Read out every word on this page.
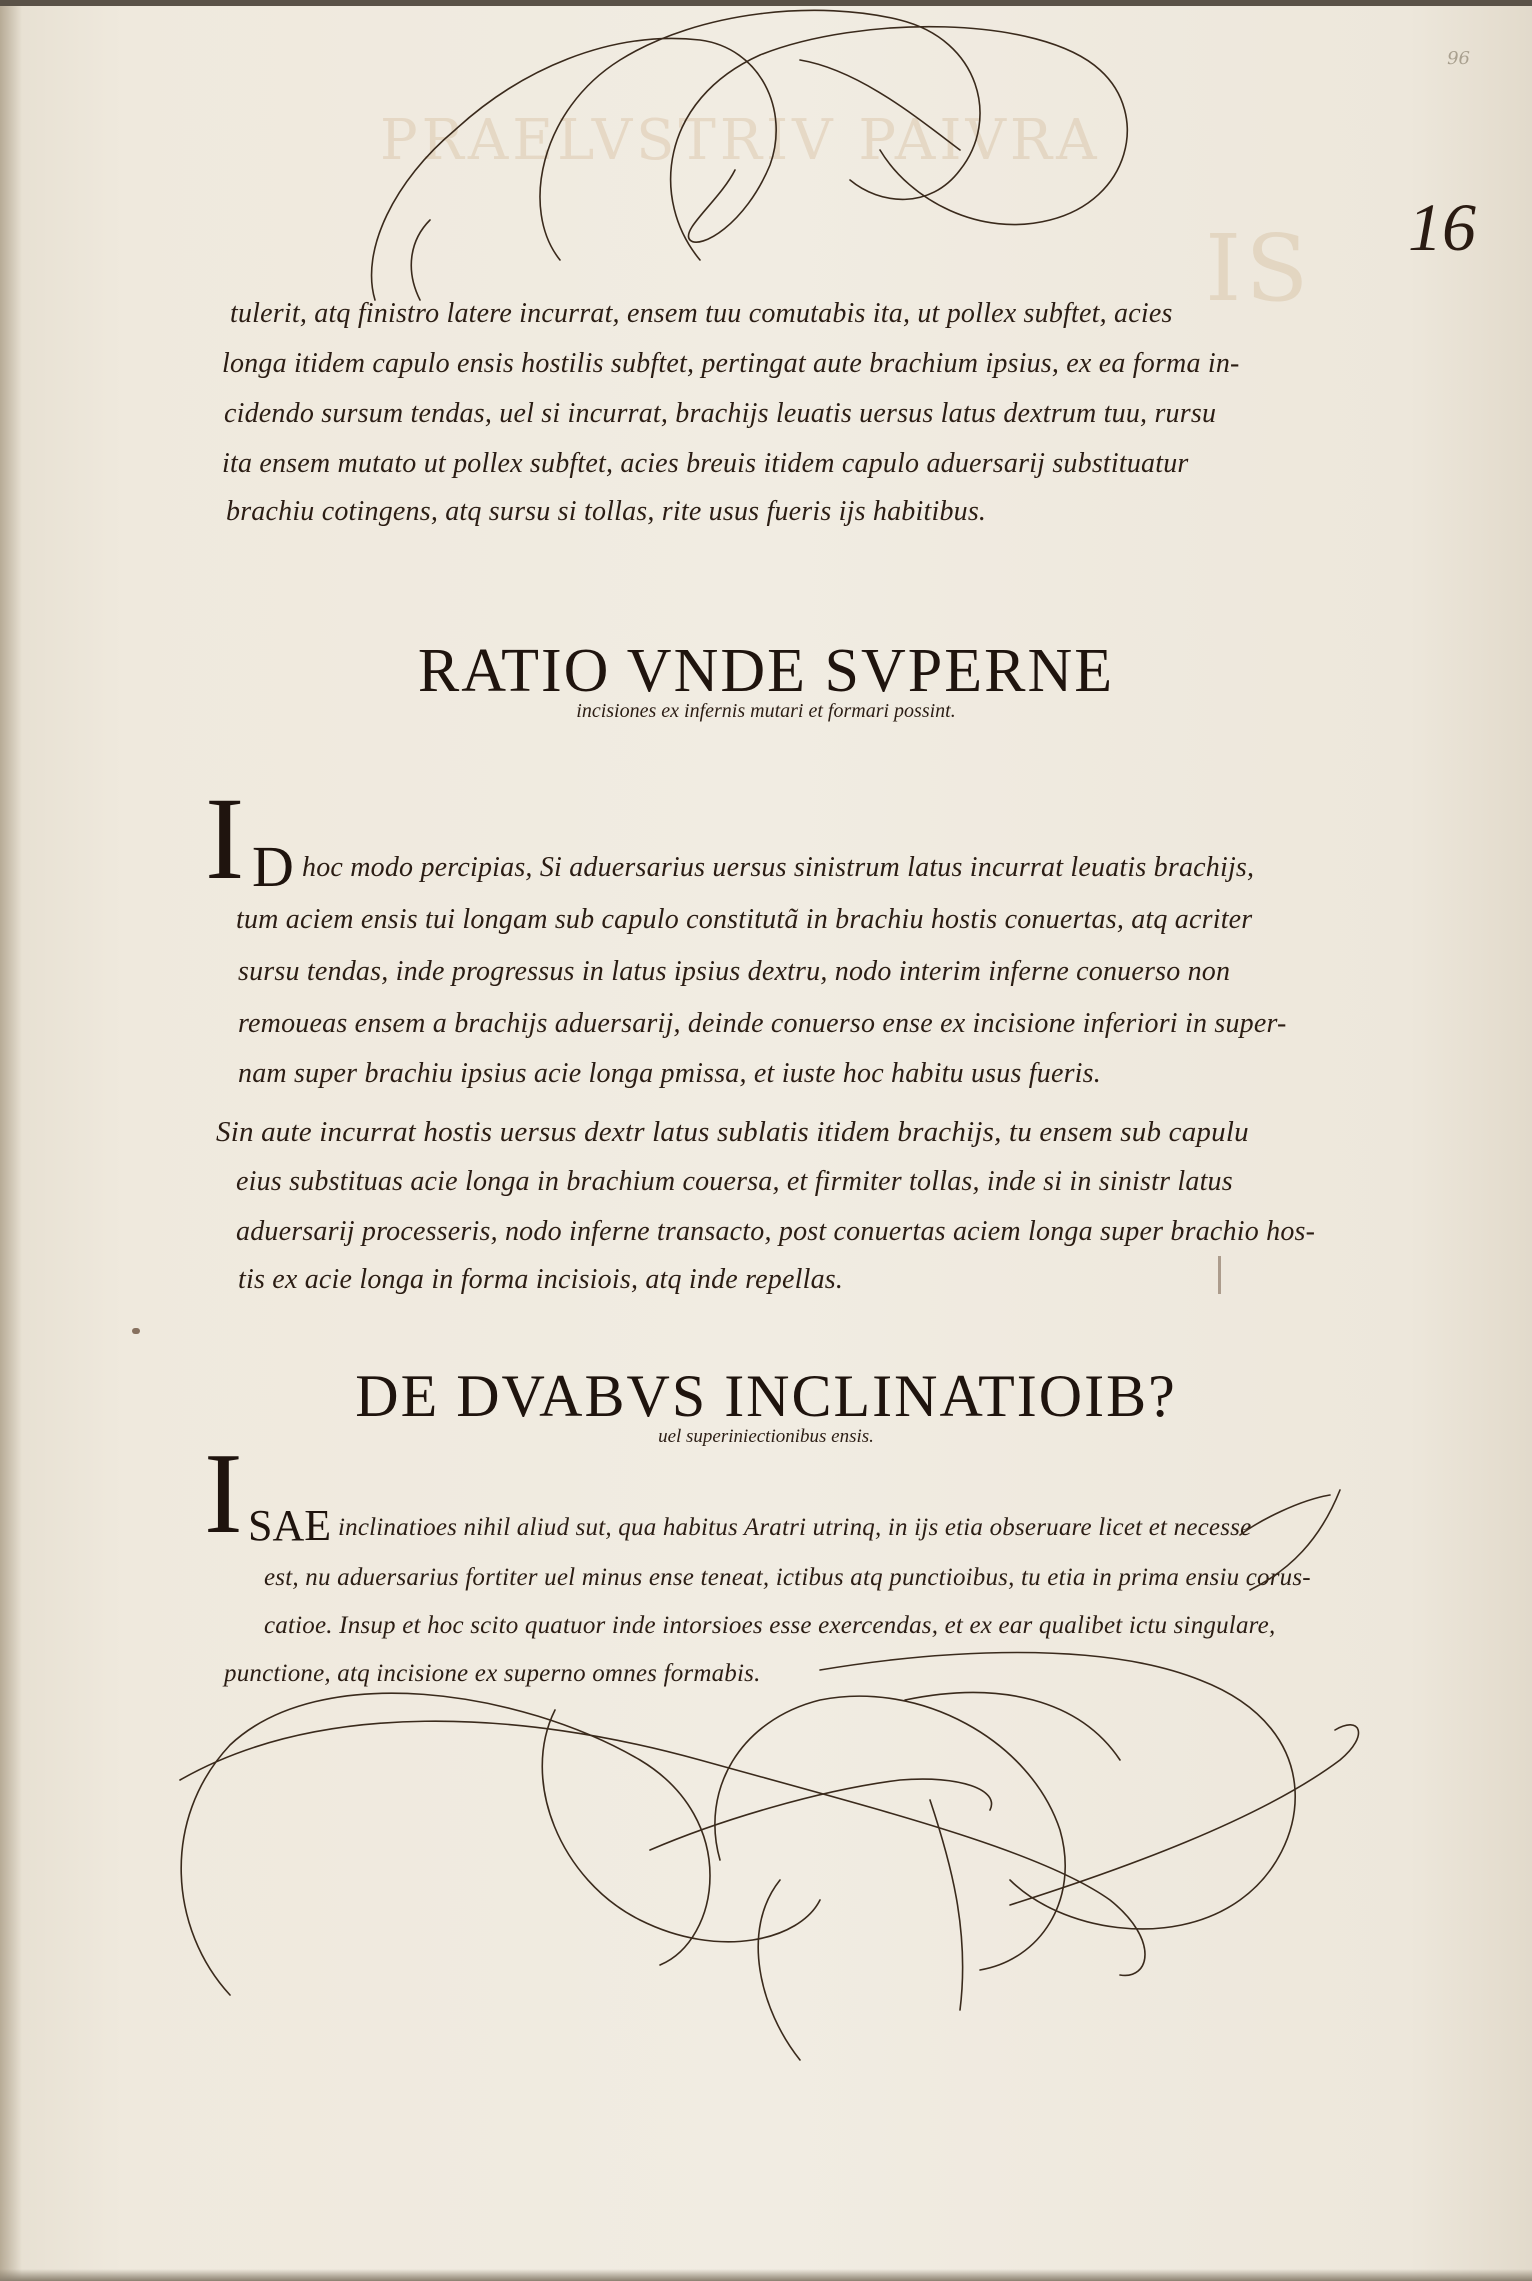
PRAELVSTRIV PAIVRA
IS
96
16
tulerit, atq finistro latere incurrat, ensem tuu comutabis ita, ut pollex subftet, acies
longa itidem capulo ensis hostilis subftet, pertingat aute brachium ipsius, ex ea forma in-
cidendo sursum tendas, uel si incurrat, brachijs leuatis uersus latus dextrum tuu, rursu
ita ensem mutato ut pollex subftet, acies breuis itidem capulo aduersarij substituatur
brachiu cotingens, atq sursu si tollas, rite usus fueris ijs habitibus.
RATIO VNDE SVPERNE
incisiones ex infernis mutari et formari possint.
I D hoc modo percipias, Si aduersarius uersus sinistrum latus incurrat leuatis brachijs,
tum aciem ensis tui longam sub capulo constitutã in brachiu hostis conuertas, atq acriter
sursu tendas, inde progressus in latus ipsius dextru, nodo interim inferne conuerso non
remoueas ensem a brachijs aduersarij, deinde conuerso ense ex incisione inferiori in super-
nam super brachiu ipsius acie longa pmissa, et iuste hoc habitu usus fueris.
Sin aute incurrat hostis uersus dextr latus sublatis itidem brachijs, tu ensem sub capulu
eius substituas acie longa in brachium couersa, et firmiter tollas, inde si in sinistr latus
aduersarij processeris, nodo inferne transacto, post conuertas aciem longa super brachio hos-
tis ex acie longa in forma incisiois, atq inde repellas.
DE DVABVS INCLINATIOIB?
uel superiniectionibus ensis.
I SAE inclinatioes nihil aliud sut, qua habitus Aratri utrinq, in ijs etia obseruare licet et necesse
est, nu aduersarius fortiter uel minus ense teneat, ictibus atq punctioibus, tu etia in prima ensiu corus-
catioe. Insup et hoc scito quatuor inde intorsioes esse exercendas, et ex ear qualibet ictu singulare,
punctione, atq incisione ex superno omnes formabis.
